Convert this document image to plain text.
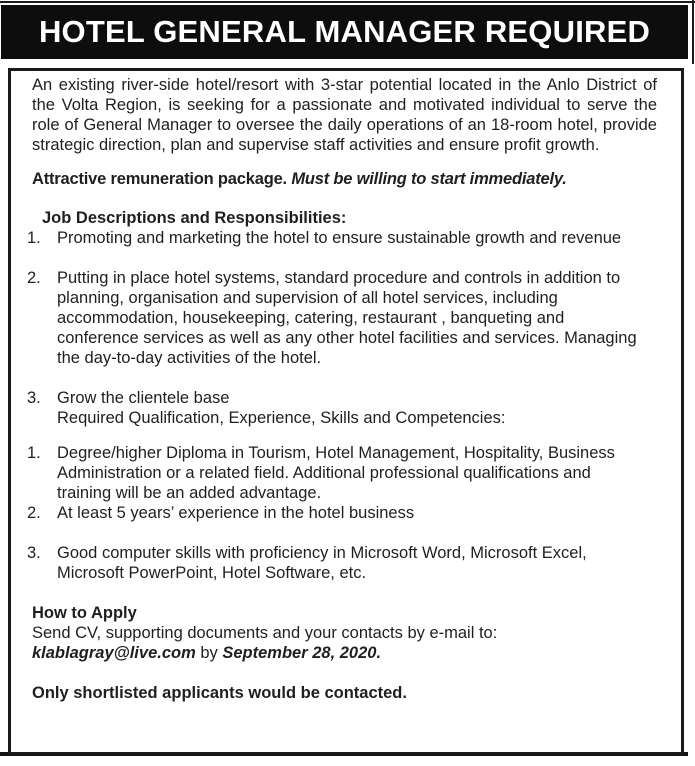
HOTEL GENERAL MANAGER REQUIRED

An existing river-side hotel/resort with 3-star potential located in the Anlo District of the Volta Region, is seeking for a passionate and motivated individual to serve the role of General Manager to oversee the daily operations of an 18-room hotel, provide strategic direction, plan and supervise staff activities and ensure profit growth.

Attractive remuneration package. Must be willing to start immediately.

Job Descriptions and Responsibilities:
1. Promoting and marketing the hotel to ensure sustainable growth and revenue
2. Putting in place hotel systems, standard procedure and controls in addition to planning, organisation and supervision of all hotel services, including accommodation, housekeeping, catering, restaurant , banqueting and conference services as well as any other hotel facilities and services. Managing the day-to-day activities of the hotel.
3. Grow the clientele base
Required Qualification, Experience, Skills and Competencies:
1. Degree/higher Diploma in Tourism, Hotel Management, Hospitality, Business Administration or a related field. Additional professional qualifications and training will be an added advantage.
2. At least 5 years’ experience in the hotel business
3. Good computer skills with proficiency in Microsoft Word, Microsoft Excel, Microsoft PowerPoint, Hotel Software, etc.
How to Apply

Send CV, supporting documents and your contacts by e-mail to:

klablagray@live.com by September 28, 2020.

Only shortlisted applicants would be contacted.
